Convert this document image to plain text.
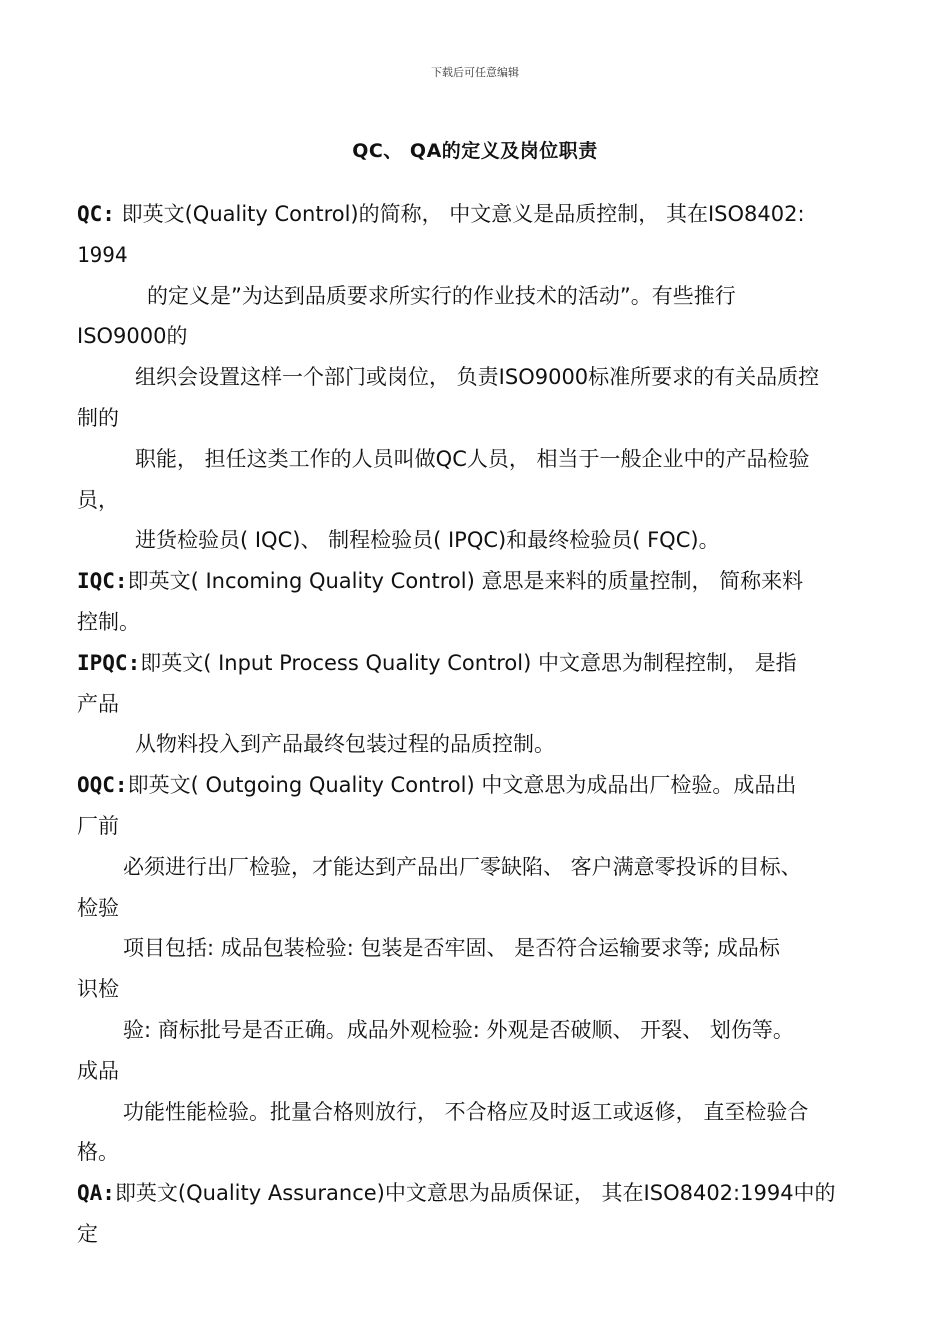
下载后可任意编辑
QC、 QA的定义及岗位职责
QC: 即英文(Quality Control)的简称， 中文意义是品质控制， 其在ISO8402:
1994
的定义是”为达到品质要求所实行的作业技术的活动”。有些推行
ISO9000的
组织会设置这样一个部门或岗位， 负责ISO9000标准所要求的有关品质控
制的
职能， 担任这类工作的人员叫做QC人员， 相当于一般企业中的产品检验
员，
进货检验员( IQC)、 制程检验员( IPQC)和最终检验员( FQC)。
IQC:即英文( Incoming Quality Control) 意思是来料的质量控制， 简称来料
控制。
IPQC:即英文( Input Process Quality Control) 中文意思为制程控制， 是指
产品
从物料投入到产品最终包装过程的品质控制。
OQC:即英文( Outgoing Quality Control) 中文意思为成品出厂检验。成品出
厂前
必须进行出厂检验，才能达到产品出厂零缺陷、 客户满意零投诉的目标、
检验
项目包括: 成品包装检验: 包装是否牢固、 是否符合运输要求等; 成品标
识检
验: 商标批号是否正确。成品外观检验: 外观是否破顺、 开裂、 划伤等。
成品
功能性能检验。批量合格则放行， 不合格应及时返工或返修， 直至检验合
格。
QA:即英文(Quality Assurance)中文意思为品质保证， 其在ISO8402:1994中的
定
